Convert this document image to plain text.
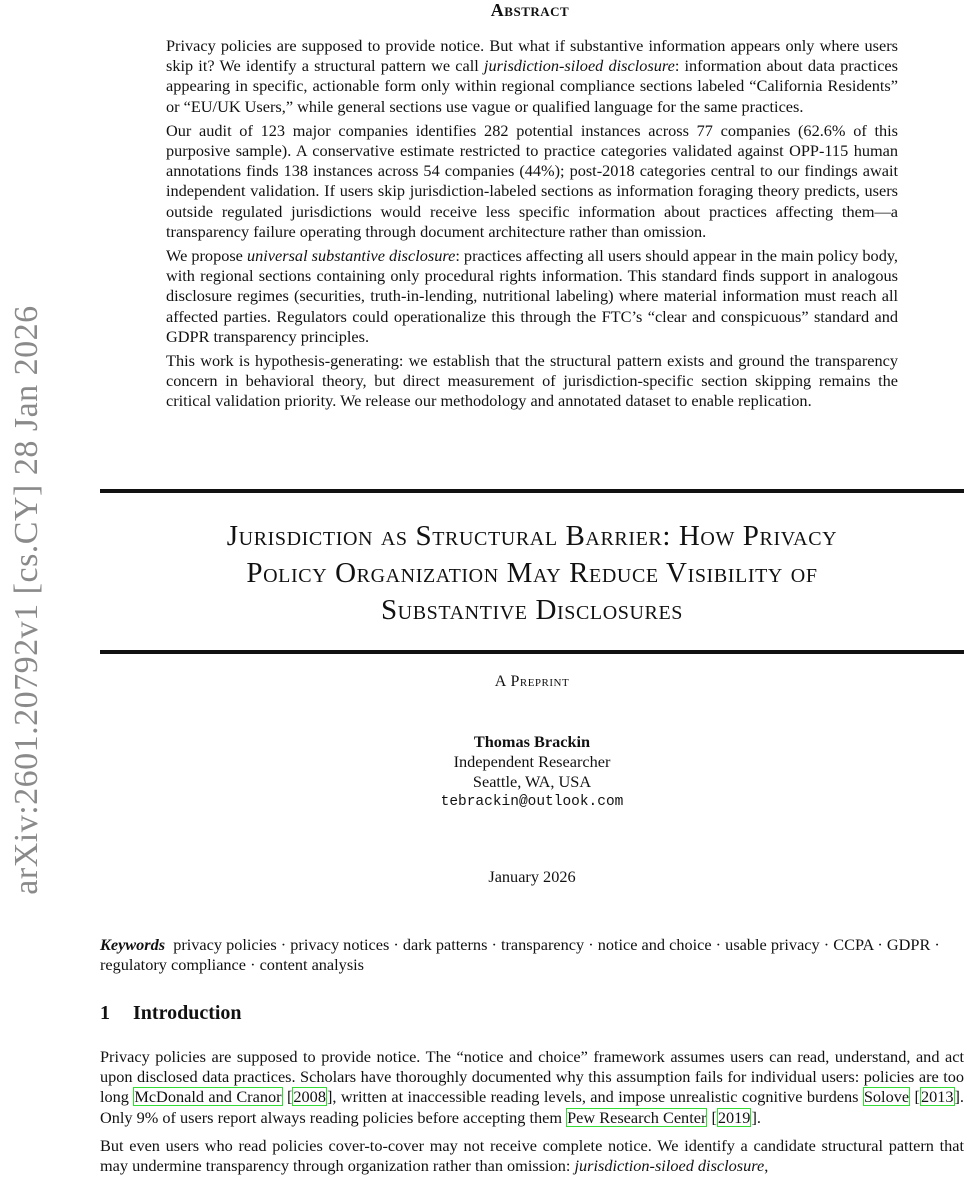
arXiv:2601.20792v1 [cs.CY] 28 Jan 2026
Abstract

Privacy policies are supposed to provide notice. But what if substantive information appears only where users skip it? We identify a structural pattern we call jurisdiction-siloed disclosure: information about data practices appearing in specific, actionable form only within regional compliance sections labeled “California Residents” or “EU/UK Users,” while general sections use vague or qualified language for the same practices.

Our audit of 123 major companies identifies 282 potential instances across 77 companies (62.6% of this purposive sample). A conservative estimate restricted to practice categories validated against OPP-115 human annotations finds 138 instances across 54 companies (44%); post-2018 categories central to our findings await independent validation. If users skip jurisdiction-labeled sections as information foraging theory predicts, users outside regulated jurisdictions would receive less specific information about practices affecting them—a transparency failure operating through document architecture rather than omission.

We propose universal substantive disclosure: practices affecting all users should appear in the main policy body, with regional sections containing only procedural rights information. This standard finds support in analogous disclosure regimes (securities, truth-in-lending, nutritional labeling) where material information must reach all affected parties. Regulators could operationalize this through the FTC’s “clear and conspicuous” standard and GDPR transparency principles.

This work is hypothesis-generating: we establish that the structural pattern exists and ground the transparency concern in behavioral theory, but direct measurement of jurisdiction-specific section skipping remains the critical validation priority. We release our methodology and annotated dataset to enable replication.

Jurisdiction as Structural Barrier: How Privacy
Policy Organization May Reduce Visibility of
Substantive Disclosures
A Preprint
Thomas Brackin
Independent Researcher
Seattle, WA, USA
tebrackin@outlook.com
January 2026
Keywords privacy policies · privacy notices · dark patterns · transparency · notice and choice · usable privacy · CCPA · GDPR · regulatory compliance · content analysis
1 Introduction

Privacy policies are supposed to provide notice. The “notice and choice” framework assumes users can read, understand, and act upon disclosed data practices. Scholars have thoroughly documented why this assumption fails for individual users: policies are too long McDonald and Cranor [2008], written at inaccessible reading levels, and impose unrealistic cognitive burdens Solove [2013]. Only 9% of users report always reading policies before accepting them Pew Research Center [2019].

But even users who read policies cover-to-cover may not receive complete notice. We identify a candidate structural pattern that may undermine transparency through organization rather than omission: jurisdiction-siloed disclosure,
